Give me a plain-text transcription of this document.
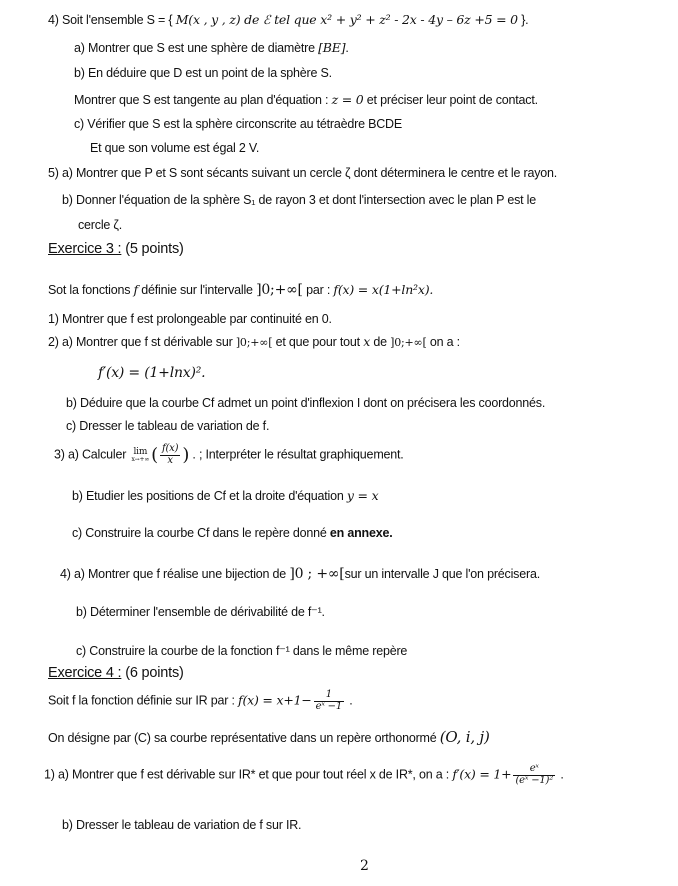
4) Soit l'ensemble S = { M(x , y , z) de ℰ tel que x² + y² + z² - 2x - 4y – 6z +5 = 0 }.
a) Montrer que S est une sphère de diamètre [BE].
b) En déduire que D est un point de la sphère S.
Montrer que S est tangente au plan d'équation : z = 0 et préciser leur point de contact.
c) Vérifier que S est la sphère circonscrite au tétraèdre BCDE
Et que son volume est égal 2 V.
5) a) Montrer que P et S sont sécants suivant un cercle ζ dont déterminera le centre et le rayon.
b) Donner l'équation de la sphère S₁ de rayon 3 et dont l'intersection avec le plan P est le
cercle ζ.
Exercice 3 : (5 points)
Sot la fonctions f définie sur l'intervalle ]0;+∞[ par : f(x) = x(1+ln²x).
1) Montrer que f est prolongeable par continuité en 0.
2) a) Montrer que f st dérivable sur ]0;+∞[ et que pour tout x de ]0;+∞[ on a :
f′(x) = (1+lnx)².
b) Déduire que la courbe Cf admet un point d'inflexion I dont on précisera les coordonnés.
c) Dresser le tableau de variation de f.
3) a) Calculer lim
x→+∞ ( $\frac{f(x)}{x}$ ) . ; Interpréter le résultat graphiquement.
b) Etudier les positions de Cf et la droite d'équation y = x
c) Construire la courbe Cf dans le repère donné en annexe.
4) a) Montrer que f réalise une bijection de ]0 ; +∞[sur un intervalle J que l'on précisera.
b) Déterminer l'ensemble de dérivabilité de f⁻¹.
c) Construire la courbe de la fonction f⁻¹ dans le même repère
Exercice 4 : (6 points)
Soit f la fonction définie sur IR par : $f(x) = x+1- \frac{1}{\text{eˣ −1}}$ .
On désigne par (C) sa courbe représentative dans un repère orthonormé (O, i, j)
1) a) Montrer que f est dérivable sur IR* et que pour tout réel x de IR*, on a : $f'(x) = 1+ \frac{\text{eˣ}}{\text{(eˣ −1)²}}$ .
b) Dresser le tableau de variation de f sur IR.
2
